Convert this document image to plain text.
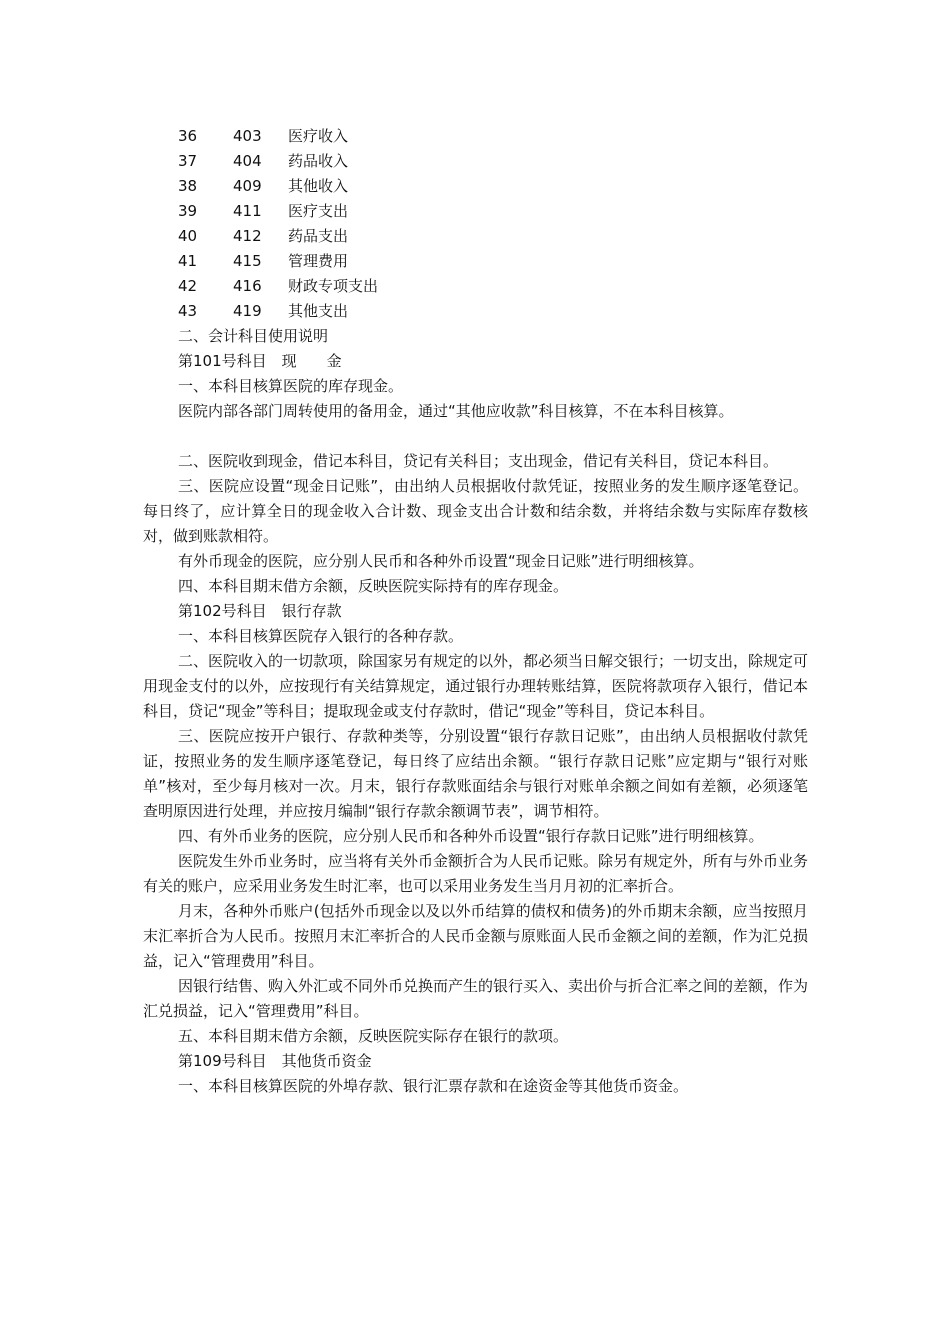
36	403	医疗收入
37	404	药品收入
38	409	其他收入
39	411	医疗支出
40	412	药品支出
41	415	管理费用
42	416	财政专项支出
43	419	其他支出

二、会计科目使用说明

第101号科目　现　　金

一、本科目核算医院的库存现金。

医院内部各部门周转使用的备用金，通过“其他应收款”科目核算，不在本科目核算。

二、医院收到现金，借记本科目，贷记有关科目；支出现金，借记有关科目，贷记本科目。

三、医院应设置“现金日记账”，由出纳人员根据收付款凭证，按照业务的发生顺序逐笔登记。每日终了，应计算全日的现金收入合计数、现金支出合计数和结余数，并将结余数与实际库存数核对，做到账款相符。

有外币现金的医院，应分别人民币和各种外币设置“现金日记账”进行明细核算。

四、本科目期末借方余额，反映医院实际持有的库存现金。

第102号科目　银行存款

一、本科目核算医院存入银行的各种存款。

二、医院收入的一切款项，除国家另有规定的以外，都必须当日解交银行；一切支出，除规定可用现金支付的以外，应按现行有关结算规定，通过银行办理转账结算，医院将款项存入银行，借记本科目，贷记“现金”等科目；提取现金或支付存款时，借记“现金”等科目，贷记本科目。

三、医院应按开户银行、存款种类等，分别设置“银行存款日记账”，由出纳人员根据收付款凭证，按照业务的发生顺序逐笔登记，每日终了应结出余额。“银行存款日记账”应定期与“银行对账单”核对，至少每月核对一次。月末，银行存款账面结余与银行对账单余额之间如有差额，必须逐笔查明原因进行处理，并应按月编制“银行存款余额调节表”，调节相符。

四、有外币业务的医院，应分别人民币和各种外币设置“银行存款日记账”进行明细核算。

医院发生外币业务时，应当将有关外币金额折合为人民币记账。除另有规定外，所有与外币业务有关的账户，应采用业务发生时汇率，也可以采用业务发生当月月初的汇率折合。

月末，各种外币账户(包括外币现金以及以外币结算的债权和债务)的外币期末余额，应当按照月末汇率折合为人民币。按照月末汇率折合的人民币金额与原账面人民币金额之间的差额，作为汇兑损益，记入“管理费用”科目。

因银行结售、购入外汇或不同外币兑换而产生的银行买入、卖出价与折合汇率之间的差额，作为汇兑损益，记入“管理费用”科目。

五、本科目期末借方余额，反映医院实际存在银行的款项。

第109号科目　其他货币资金

一、本科目核算医院的外埠存款、银行汇票存款和在途资金等其他货币资金。
